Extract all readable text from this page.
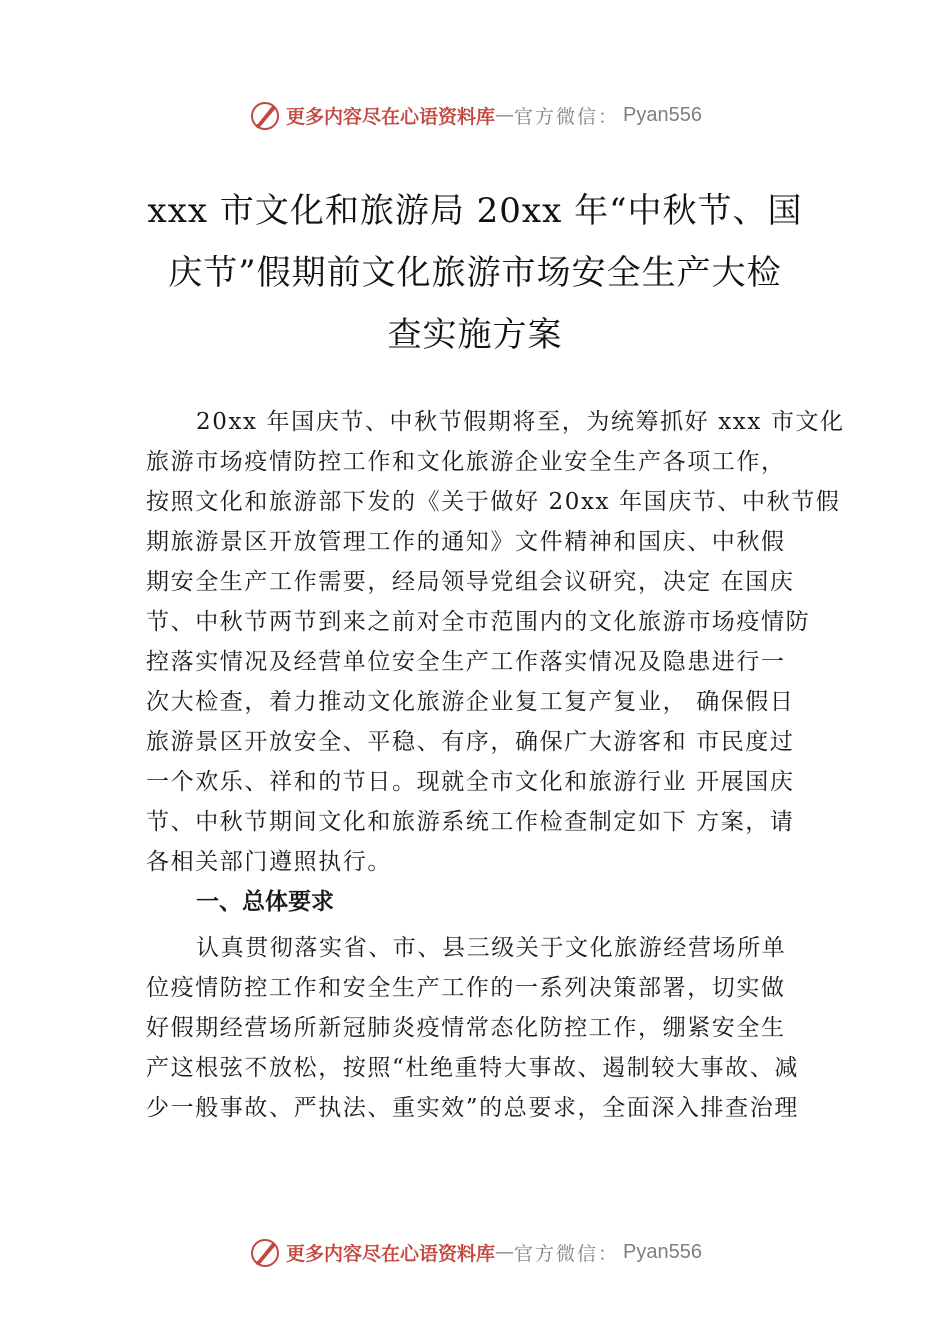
更多内容尽在心语资料库 — 官方微信： Pyan556
xxx 市文化和旅游局 20xx 年“中秋节、国
庆节”假期前文化旅游市场安全生产大检
查实施方案

20xx 年国庆节、中秋节假期将至，为统筹抓好 xxx 市文化
旅游市场疫情防控工作和文化旅游企业安全生产各项工作，
按照文化和旅游部下发的《关于做好 20xx 年国庆节、中秋节假
期旅游景区开放管理工作的通知》文件精神和国庆、中秋假
期安全生产工作需要，经局领导党组会议研究，决定 在国庆
节、中秋节两节到来之前对全市范围内的文化旅游市场疫情防
控落实情况及经营单位安全生产工作落实情况及隐患进行一
次大检查，着力推动文化旅游企业复工复产复业， 确保假日
旅游景区开放安全、平稳、有序，确保广大游客和 市民度过
一个欢乐、祥和的节日。现就全市文化和旅游行业 开展国庆
节、中秋节期间文化和旅游系统工作检查制定如下 方案，请
各相关部门遵照执行。

一、总体要求

认真贯彻落实省、市、县三级关于文化旅游经营场所单
位疫情防控工作和安全生产工作的一系列决策部署，切实做
好假期经营场所新冠肺炎疫情常态化防控工作，绷紧安全生
产这根弦不放松，按照“杜绝重特大事故、遏制较大事故、减
少一般事故、严执法、重实效”的总要求，全面深入排查治理

更多内容尽在心语资料库 — 官方微信： Pyan556
